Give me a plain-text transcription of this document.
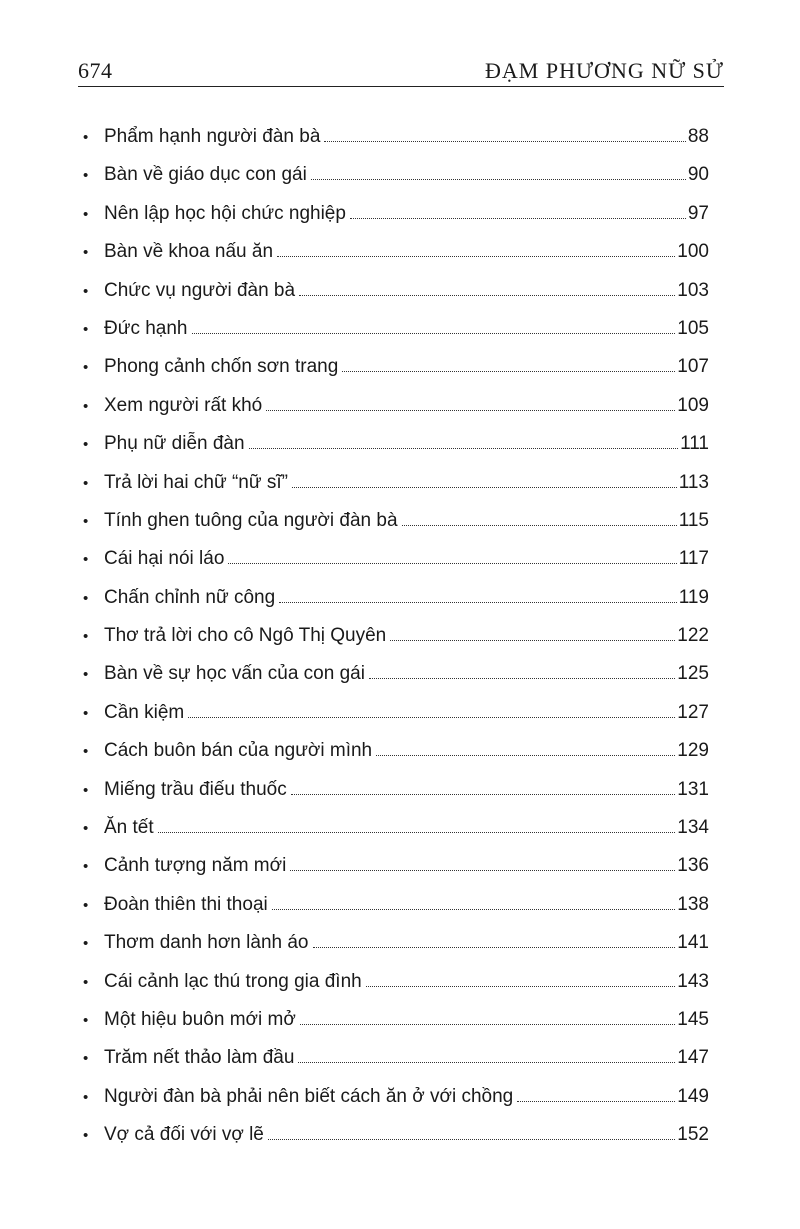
674	ĐẠM PHƯƠNG NỮ SỬ
• Phẩm hạnh người đàn bà	88
• Bàn về giáo dục con gái	90
• Nên lập học hội chức nghiệp	97
• Bàn về khoa nấu ăn	100
• Chức vụ người đàn bà	103
• Đức hạnh	105
• Phong cảnh chốn sơn trang	107
• Xem người rất khó	109
• Phụ nữ diễn đàn	111
• Trả lời hai chữ “nữ sĩ”	113
• Tính ghen tuông của người đàn bà	115
• Cái hại nói láo	117
• Chấn chỉnh nữ công	119
• Thơ trả lời cho cô Ngô Thị Quyên	122
• Bàn về sự học vấn của con gái	125
• Cần kiệm	127
• Cách buôn bán của người mình	129
• Miếng trầu điếu thuốc	131
• Ăn tết	134
• Cảnh tượng năm mới	136
• Đoàn thiên thi thoại	138
• Thơm danh hơn lành áo	141
• Cái cảnh lạc thú trong gia đình	143
• Một hiệu buôn mới mở	145
• Trăm nết thảo làm đầu	147
• Người đàn bà phải nên biết cách ăn ở với chồng	149
• Vợ cả đối với vợ lẽ	152
